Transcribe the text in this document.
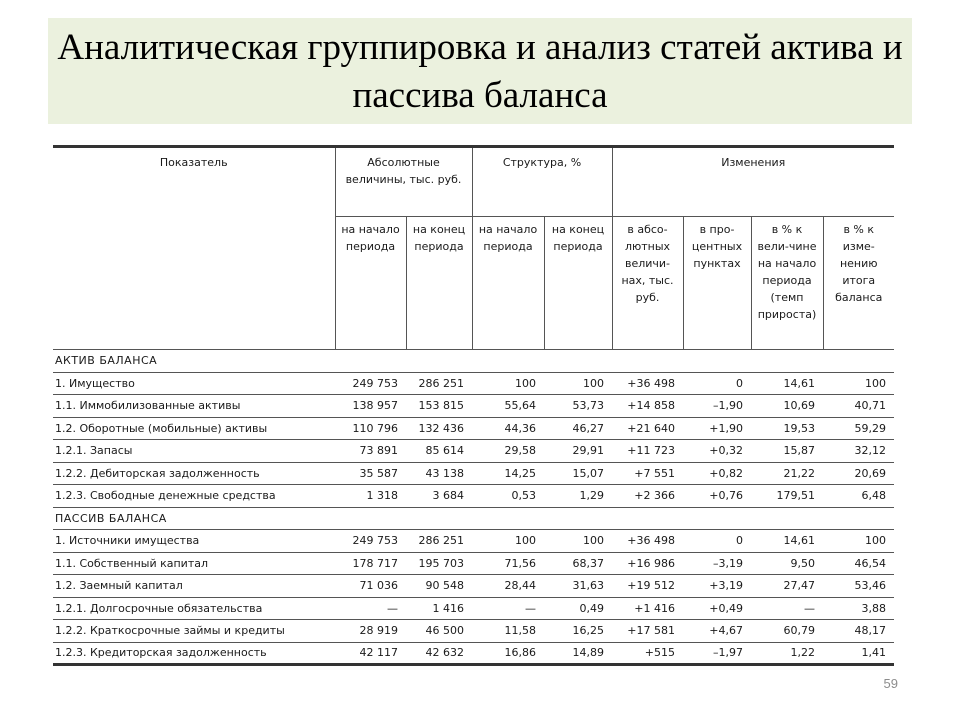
Аналитическая группировка и анализ статей актива и пассива баланса
Показатель	Абсолютные величины, тыс. руб.		Структура, %		Изменения			
	на начало периода	на конец периода	на начало периода	на конец периода	в абсо-лютных величи-нах, тыс. руб.	в про-центных пунктах	в % к вели-чине на начало периода (темп прироста)	в % к изме-нению итога баланса
АКТИВ БАЛАНСА								
1. Имущество	249 753	286 251	100	100	+36 498	0	14,61	100
1.1. Иммобилизованные активы	138 957	153 815	55,64	53,73	+14 858	–1,90	10,69	40,71
1.2. Оборотные (мобильные) активы	110 796	132 436	44,36	46,27	+21 640	+1,90	19,53	59,29
1.2.1. Запасы	73 891	85 614	29,58	29,91	+11 723	+0,32	15,87	32,12
1.2.2. Дебиторская задолженность	35 587	43 138	14,25	15,07	+7 551	+0,82	21,22	20,69
1.2.3. Свободные денежные средства	1 318	3 684	0,53	1,29	+2 366	+0,76	179,51	6,48
ПАССИВ БАЛАНСА								
1. Источники имущества	249 753	286 251	100	100	+36 498	0	14,61	100
1.1. Собственный капитал	178 717	195 703	71,56	68,37	+16 986	–3,19	9,50	46,54
1.2. Заемный капитал	71 036	90 548	28,44	31,63	+19 512	+3,19	27,47	53,46
1.2.1. Долгосрочные обязательства	—	1 416	—	0,49	+1 416	+0,49	—	3,88
1.2.2. Краткосрочные займы и кредиты	28 919	46 500	11,58	16,25	+17 581	+4,67	60,79	48,17
1.2.3. Кредиторская задолженность	42 117	42 632	16,86	14,89	+515	–1,97	1,22	1,41
59
